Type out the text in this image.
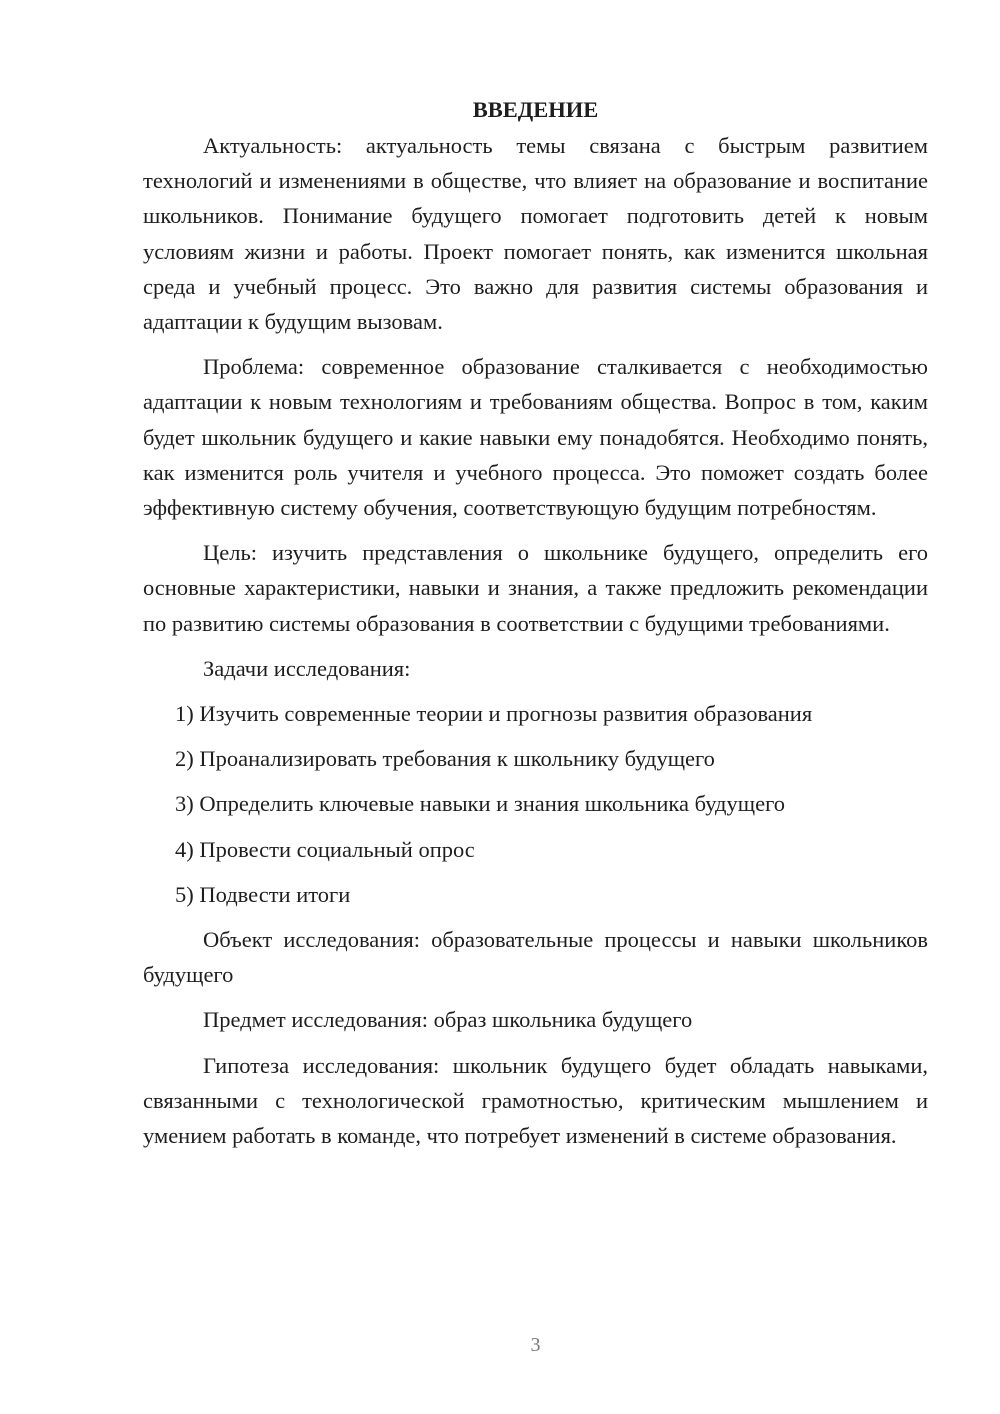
ВВЕДЕНИЕ

Актуальность: актуальность темы связана с быстрым развитием технологий и изменениями в обществе, что влияет на образование и воспитание школьников. Понимание будущего помогает подготовить детей к новым условиям жизни и работы. Проект помогает понять, как изменится школьная среда и учебный процесс. Это важно для развития системы образования и адаптации к будущим вызовам.

Проблема: современное образование сталкивается с необходимостью адаптации к новым технологиям и требованиям общества. Вопрос в том, каким будет школьник будущего и какие навыки ему понадобятся. Необходимо понять, как изменится роль учителя и учебного процесса. Это поможет создать более эффективную систему обучения, соответствующую будущим потребностям.

Цель: изучить представления о школьнике будущего, определить его основные характеристики, навыки и знания, а также предложить рекомендации по развитию системы образования в соответствии с будущими требованиями.

Задачи исследования:

1) Изучить современные теории и прогнозы развития образования
2) Проанализировать требования к школьнику будущего
3) Определить ключевые навыки и знания школьника будущего
4) Провести социальный опрос
5) Подвести итоги

Объект исследования: образовательные процессы и навыки школьников будущего

Предмет исследования: образ школьника будущего

Гипотеза исследования: школьник будущего будет обладать навыками, связанными с технологической грамотностью, критическим мышлением и умением работать в команде, что потребует изменений в системе образования.

3
